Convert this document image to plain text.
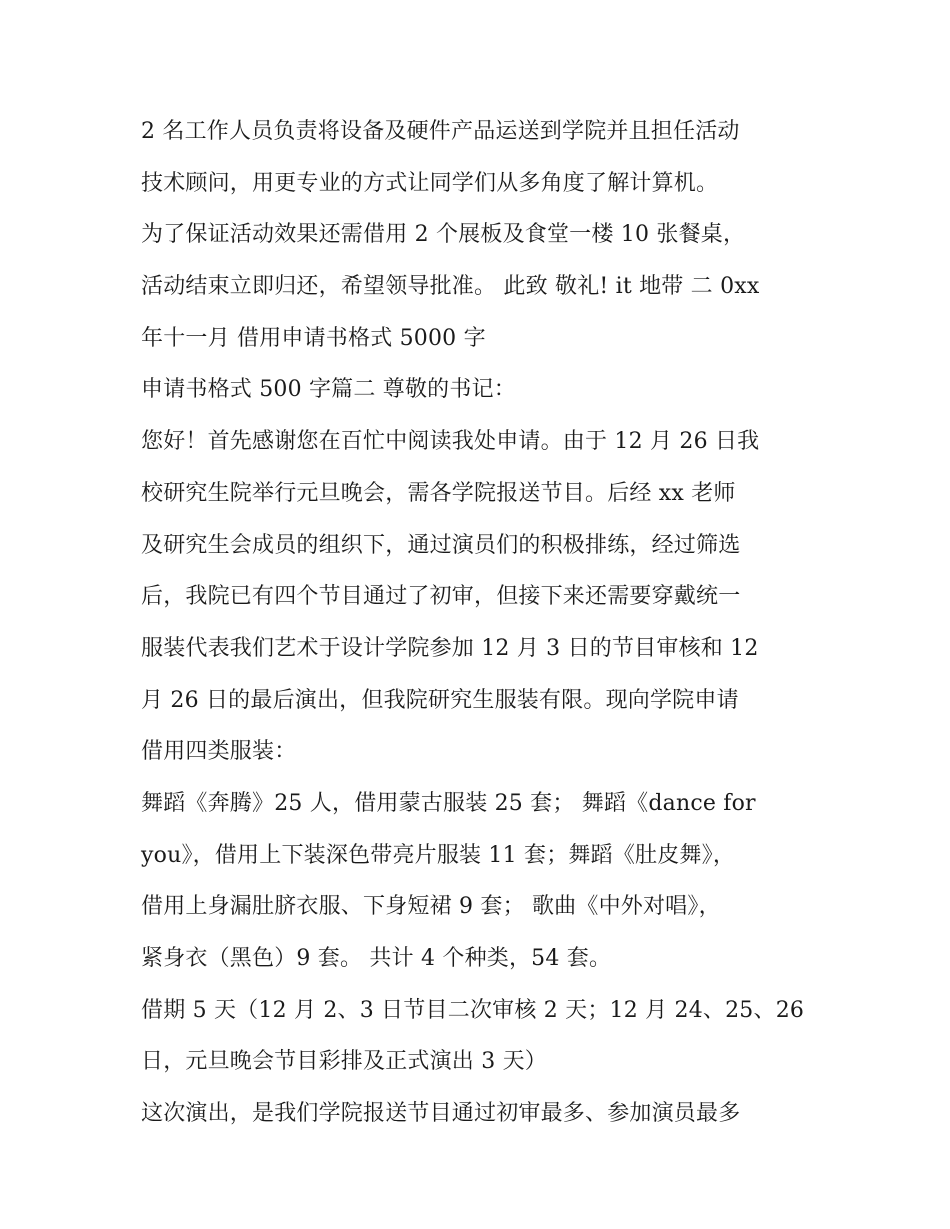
2 名工作人员负责将设备及硬件产品运送到学院并且担任活动
技术顾问，用更专业的方式让同学们从多角度了解计算机。
为了保证活动效果还需借用 2 个展板及食堂一楼 10 张餐桌，
活动结束立即归还，希望领导批准。 此致 敬礼! it 地带 二 0xx
年十一月 借用申请书格式 5000 字
申请书格式 500 字篇二 尊敬的书记：
您好！首先感谢您在百忙中阅读我处申请。由于 12 月 26 日我
校研究生院举行元旦晚会，需各学院报送节目。后经 xx 老师
及研究生会成员的组织下，通过演员们的积极排练，经过筛选
后，我院已有四个节目通过了初审，但接下来还需要穿戴统一
服装代表我们艺术于设计学院参加 12 月 3 日的节目审核和 12
月 26 日的最后演出，但我院研究生服装有限。现向学院申请
借用四类服装：
舞蹈《奔腾》25 人，借用蒙古服装 25 套； 舞蹈《dance for
you》，借用上下装深色带亮片服装 11 套；舞蹈《肚皮舞》，
借用上身漏肚脐衣服、下身短裙 9 套； 歌曲《中外对唱》，
紧身衣（黑色）9 套。 共计 4 个种类，54 套。
借期 5 天（12 月 2、3 日节目二次审核 2 天；12 月 24、25、26
日，元旦晚会节目彩排及正式演出 3 天）
这次演出，是我们学院报送节目通过初审最多、参加演员最多
